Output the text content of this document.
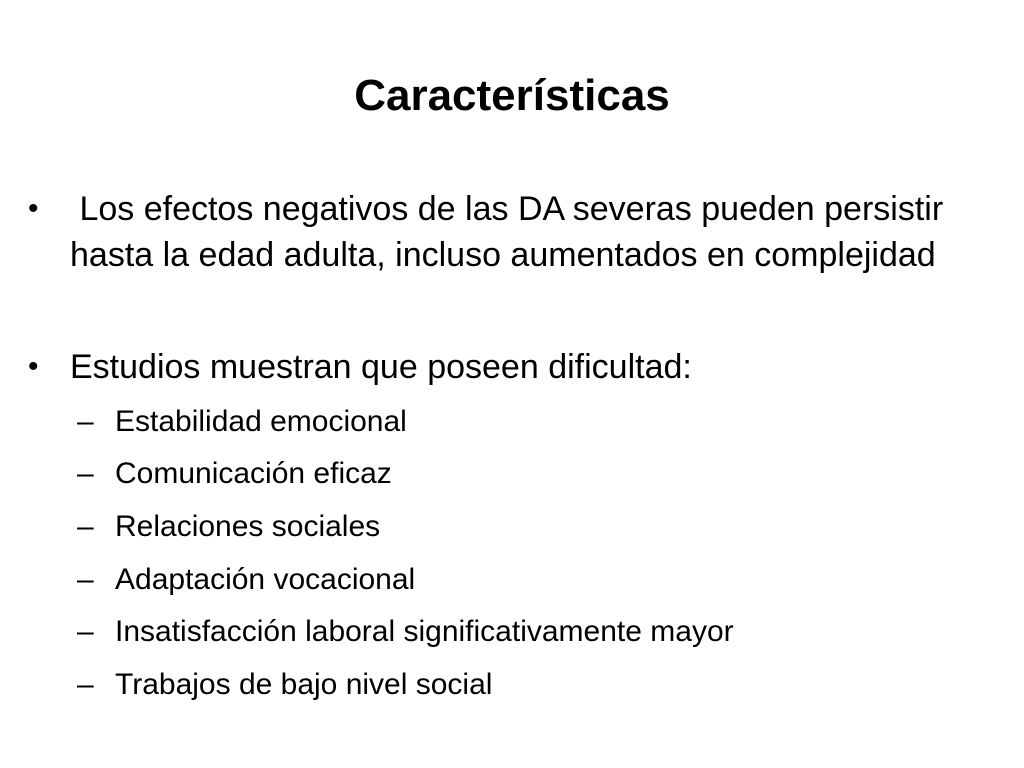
Características
• Los efectos negativos de las DA severas pueden persistir hasta la edad adulta, incluso aumentados en complejidad
• Estudios muestran que poseen dificultad:
– Estabilidad emocional
– Comunicación eficaz
– Relaciones sociales
– Adaptación vocacional
– Insatisfacción laboral significativamente mayor
– Trabajos de bajo nivel social
